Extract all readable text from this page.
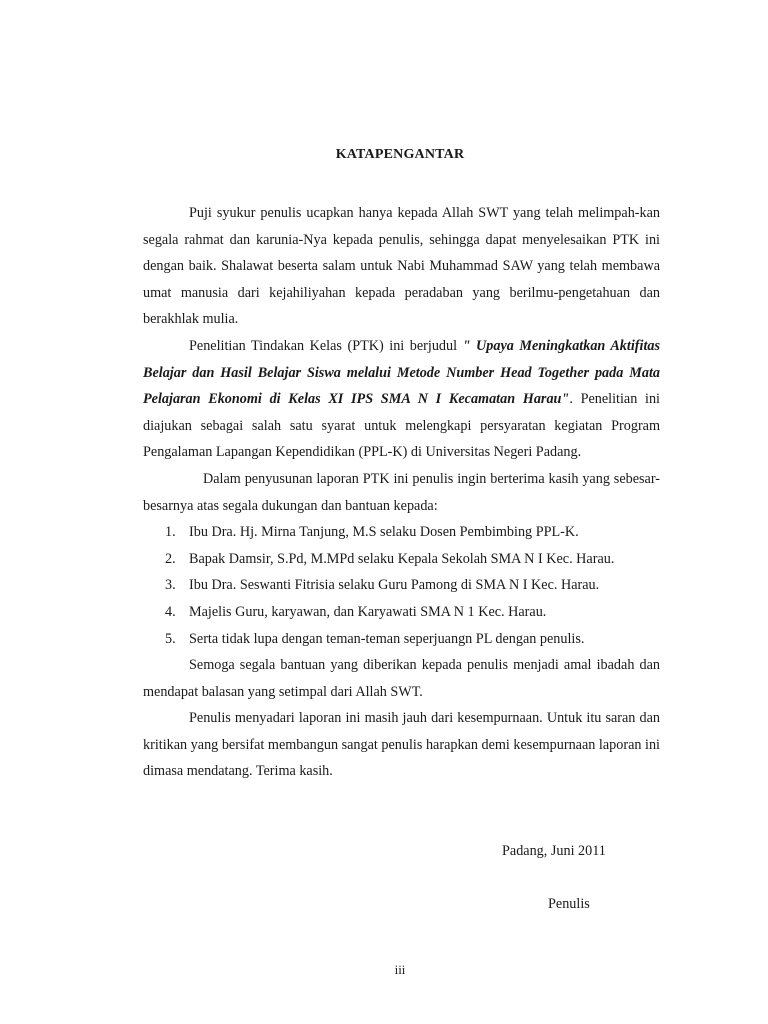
KATAPENGANTAR

Puji syukur penulis ucapkan hanya kepada Allah SWT yang telah melimpah-kan segala rahmat dan karunia-Nya kepada penulis, sehingga dapat menyelesaikan PTK ini dengan baik. Shalawat beserta salam untuk Nabi Muhammad SAW yang telah membawa umat manusia dari kejahiliyahan kepada peradaban yang berilmu-pengetahuan dan berakhlak mulia.

Penelitian Tindakan Kelas (PTK) ini berjudul " Upaya Meningkatkan Aktifitas Belajar dan Hasil Belajar Siswa melalui Metode Number Head Together pada Mata Pelajaran Ekonomi di Kelas XI IPS SMA N I Kecamatan Harau". Penelitian ini diajukan sebagai salah satu syarat untuk melengkapi persyaratan kegiatan Program Pengalaman Lapangan Kependidikan (PPL-K) di Universitas Negeri Padang.

Dalam penyusunan laporan PTK ini penulis ingin berterima kasih yang sebesar-besarnya atas segala dukungan dan bantuan kepada:

1. Ibu Dra. Hj. Mirna Tanjung, M.S selaku Dosen Pembimbing PPL-K.
2. Bapak Damsir, S.Pd, M.MPd selaku Kepala Sekolah SMA N I Kec. Harau.
3. Ibu Dra. Seswanti Fitrisia selaku Guru Pamong di SMA N I Kec. Harau.
4. Majelis Guru, karyawan, dan Karyawati SMA N 1 Kec. Harau.
5. Serta tidak lupa dengan teman-teman seperjuangn PL dengan penulis.

Semoga segala bantuan yang diberikan kepada penulis menjadi amal ibadah dan mendapat balasan yang setimpal dari Allah SWT.

Penulis menyadari laporan ini masih jauh dari kesempurnaan. Untuk itu saran dan kritikan yang bersifat membangun sangat penulis harapkan demi kesempurnaan laporan ini dimasa mendatang. Terima kasih.

Padang, Juni 2011
Penulis
iii
